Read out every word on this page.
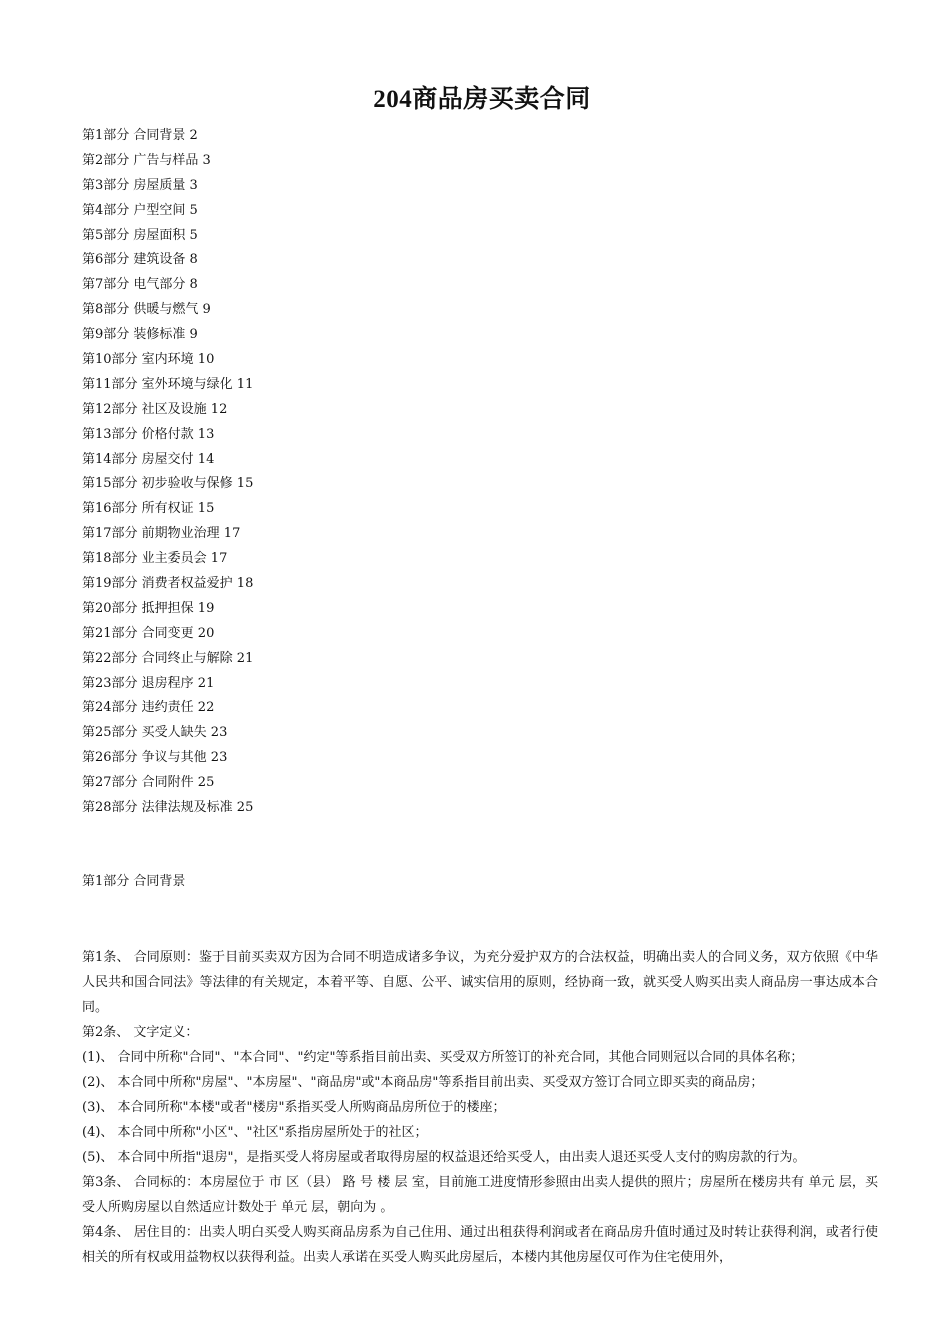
204商品房买卖合同
第1部分 合同背景 2
第2部分 广告与样品 3
第3部分 房屋质量 3
第4部分 户型空间 5
第5部分 房屋面积 5
第6部分 建筑设备 8
第7部分 电气部分 8
第8部分 供暖与燃气 9
第9部分 装修标准 9
第10部分 室内环境 10
第11部分 室外环境与绿化 11
第12部分 社区及设施 12
第13部分 价格付款 13
第14部分 房屋交付 14
第15部分 初步验收与保修 15
第16部分 所有权证 15
第17部分 前期物业治理 17
第18部分 业主委员会 17
第19部分 消费者权益爱护 18
第20部分 抵押担保 19
第21部分 合同变更 20
第22部分 合同终止与解除 21
第23部分 退房程序 21
第24部分 违约责任 22
第25部分 买受人缺失 23
第26部分 争议与其他 23
第27部分 合同附件 25
第28部分 法律法规及标准 25
第1部分 合同背景

第1条、 合同原则：鉴于目前买卖双方因为合同不明造成诸多争议，为充分爱护双方的合法权益，明确出卖人的合同义务，双方依照《中华人民共和国合同法》等法律的有关规定，本着平等、自愿、公平、诚实信用的原则，经协商一致，就买受人购买出卖人商品房一事达成本合同。

第2条、 文字定义：

(1)、 合同中所称"合同"、"本合同"、"约定"等系指目前出卖、买受双方所签订的补充合同，其他合同则冠以合同的具体名称；

(2)、 本合同中所称"房屋"、"本房屋"、"商品房"或"本商品房"等系指目前出卖、买受双方签订合同立即买卖的商品房；

(3)、 本合同所称"本楼"或者"楼房"系指买受人所购商品房所位于的楼座；

(4)、 本合同中所称"小区"、"社区"系指房屋所处于的社区；

(5)、 本合同中所指"退房"，是指买受人将房屋或者取得房屋的权益退还给买受人，由出卖人退还买受人支付的购房款的行为。

第3条、 合同标的：本房屋位于 市 区（县） 路 号 楼 层 室，目前施工进度情形参照由出卖人提供的照片；房屋所在楼房共有 单元 层，买受人所购房屋以自然适应计数处于 单元 层，朝向为 。

第4条、 居住目的：出卖人明白买受人购买商品房系为自己住用、通过出租获得利润或者在商品房升值时通过及时转让获得利润，或者行使相关的所有权或用益物权以获得利益。出卖人承诺在买受人购买此房屋后，本楼内其他房屋仅可作为住宅使用外，
